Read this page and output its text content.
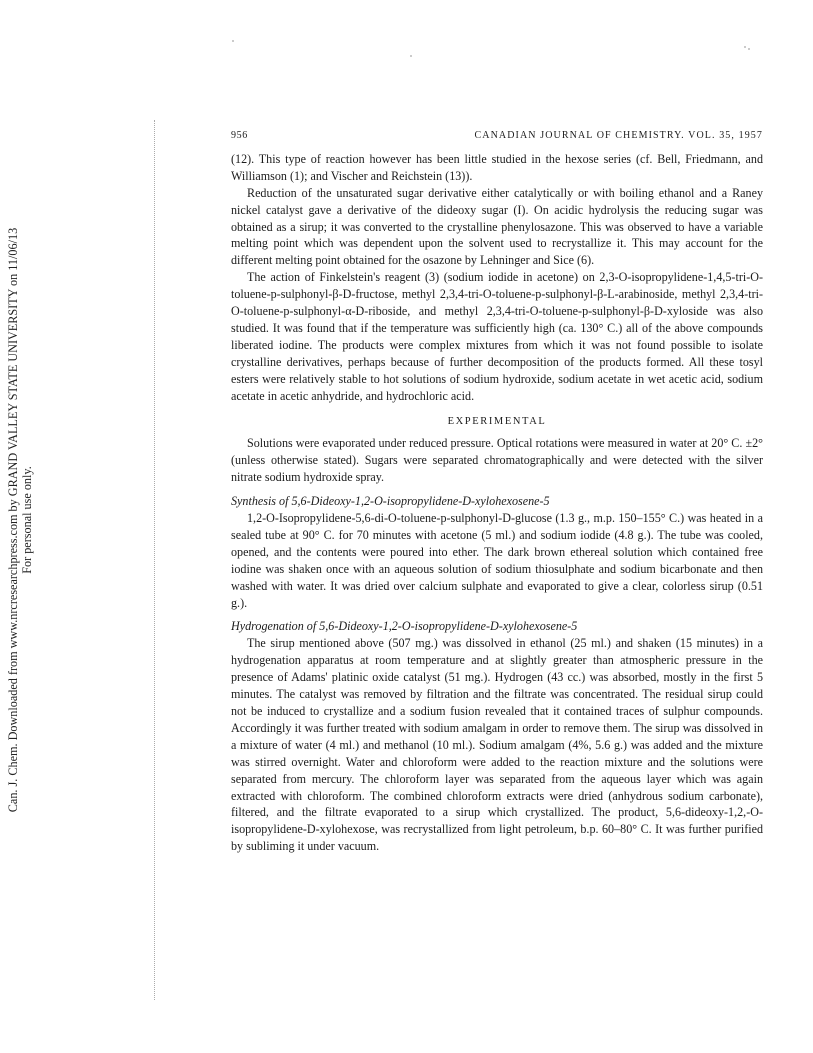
Can. J. Chem. Downloaded from www.nrcresearchpress.com by GRAND VALLEY STATE UNIVERSITY on 11/06/13 For personal use only.
956	CANADIAN JOURNAL OF CHEMISTRY. VOL. 35, 1957

(12). This type of reaction however has been little studied in the hexose series (cf. Bell, Friedmann, and Williamson (1); and Vischer and Reichstein (13)).

Reduction of the unsaturated sugar derivative either catalytically or with boiling ethanol and a Raney nickel catalyst gave a derivative of the dideoxy sugar (I). On acidic hydrolysis the reducing sugar was obtained as a sirup; it was converted to the crystalline phenylosazone. This was observed to have a variable melting point which was dependent upon the solvent used to recrystallize it. This may account for the different melting point obtained for the osazone by Lehninger and Sice (6).

The action of Finkelstein's reagent (3) (sodium iodide in acetone) on 2,3-O-isopropylidene-1,4,5-tri-O-toluene-p-sulphonyl-β-D-fructose, methyl 2,3,4-tri-O-toluene-p-sulphonyl-β-L-arabinoside, methyl 2,3,4-tri-O-toluene-p-sulphonyl-α-D-riboside, and methyl 2,3,4-tri-O-toluene-p-sulphonyl-β-D-xyloside was also studied. It was found that if the temperature was sufficiently high (ca. 130° C.) all of the above compounds liberated iodine. The products were complex mixtures from which it was not found possible to isolate crystalline derivatives, perhaps because of further decomposition of the products formed. All these tosyl esters were relatively stable to hot solutions of sodium hydroxide, sodium acetate in wet acetic acid, sodium acetate in acetic anhydride, and hydrochloric acid.

EXPERIMENTAL

Solutions were evaporated under reduced pressure. Optical rotations were measured in water at 20° C. ±2° (unless otherwise stated). Sugars were separated chromatographically and were detected with the silver nitrate sodium hydroxide spray.

Synthesis of 5,6-Dideoxy-1,2-O-isopropylidene-D-xylohexosene-5

1,2-O-Isopropylidene-5,6-di-O-toluene-p-sulphonyl-D-glucose (1.3 g., m.p. 150–155° C.) was heated in a sealed tube at 90° C. for 70 minutes with acetone (5 ml.) and sodium iodide (4.8 g.). The tube was cooled, opened, and the contents were poured into ether. The dark brown ethereal solution which contained free iodine was shaken once with an aqueous solution of sodium thiosulphate and sodium bicarbonate and then washed with water. It was dried over calcium sulphate and evaporated to give a clear, colorless sirup (0.51 g.).

Hydrogenation of 5,6-Dideoxy-1,2-O-isopropylidene-D-xylohexosene-5

The sirup mentioned above (507 mg.) was dissolved in ethanol (25 ml.) and shaken (15 minutes) in a hydrogenation apparatus at room temperature and at slightly greater than atmospheric pressure in the presence of Adams' platinic oxide catalyst (51 mg.). Hydrogen (43 cc.) was absorbed, mostly in the first 5 minutes. The catalyst was removed by filtration and the filtrate was concentrated. The residual sirup could not be induced to crystallize and a sodium fusion revealed that it contained traces of sulphur compounds. Accordingly it was further treated with sodium amalgam in order to remove them. The sirup was dissolved in a mixture of water (4 ml.) and methanol (10 ml.). Sodium amalgam (4%, 5.6 g.) was added and the mixture was stirred overnight. Water and chloroform were added to the reaction mixture and the solutions were separated from mercury. The chloroform layer was separated from the aqueous layer which was again extracted with chloroform. The combined chloroform extracts were dried (anhydrous sodium carbonate), filtered, and the filtrate evaporated to a sirup which crystallized. The product, 5,6-dideoxy-1,2,-O-isopropylidene-D-xylohexose, was recrystallized from light petroleum, b.p. 60–80° C. It was further purified by subliming it under vacuum.
